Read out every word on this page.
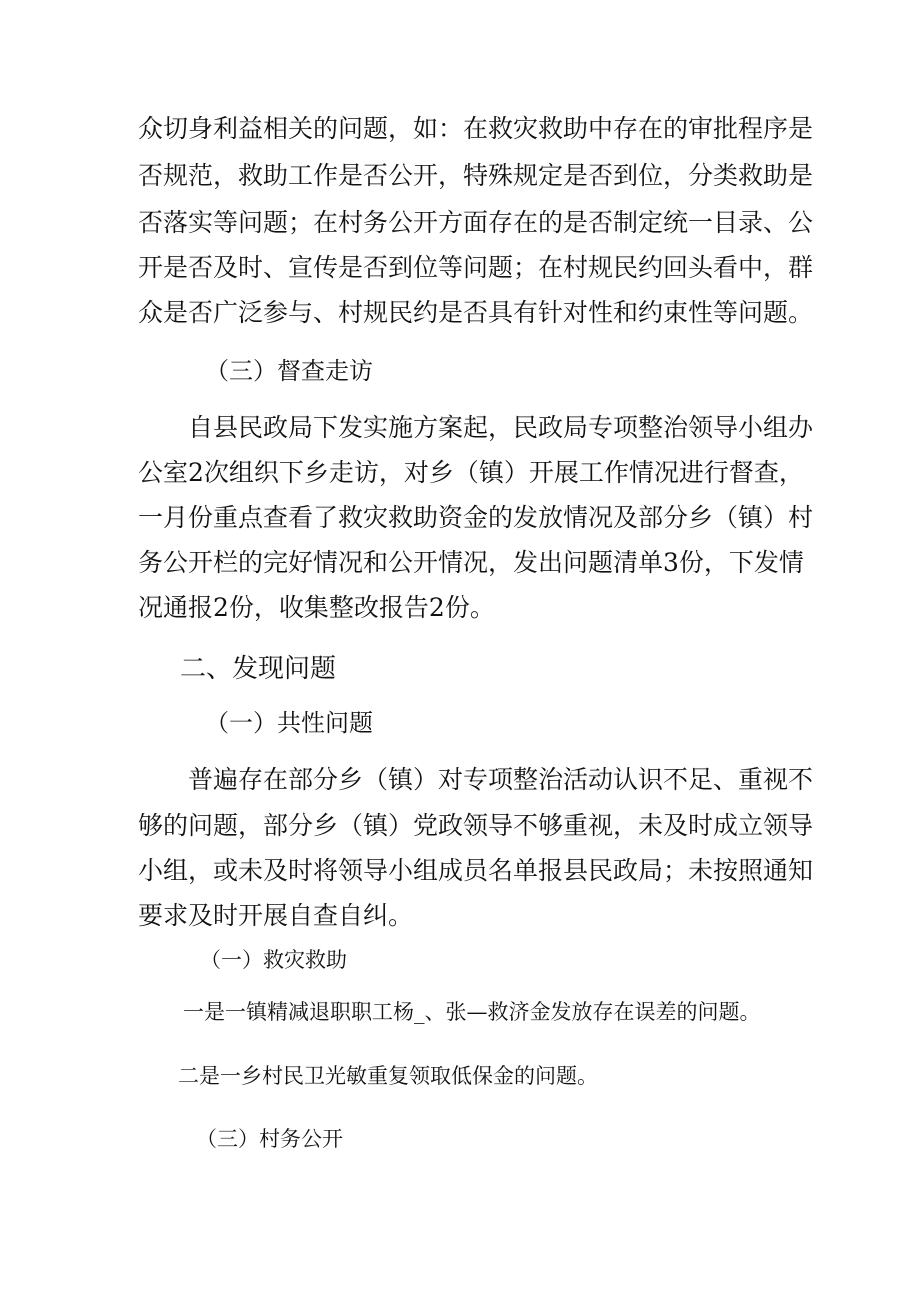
众切身利益相关的问题，如：在救灾救助中存在的审批程序是
否规范，救助工作是否公开，特殊规定是否到位，分类救助是
否落实等问题；在村务公开方面存在的是否制定统一目录、公
开是否及时、宣传是否到位等问题；在村规民约回头看中，群
众是否广泛参与、村规民约是否具有针对性和约束性等问题。
（三）督查走访
自县民政局下发实施方案起，民政局专项整治领导小组办
公室2次组织下乡走访，对乡（镇）开展工作情况进行督查，
一月份重点查看了救灾救助资金的发放情况及部分乡（镇）村
务公开栏的完好情况和公开情况，发出问题清单3份，下发情
况通报2份，收集整改报告2份。
二、发现问题
（一）共性问题
普遍存在部分乡（镇）对专项整治活动认识不足、重视不
够的问题，部分乡（镇）党政领导不够重视，未及时成立领导
小组，或未及时将领导小组成员名单报县民政局；未按照通知
要求及时开展自查自纠。
（一）救灾救助
一是一镇精减退职职工杨_、张—救济金发放存在误差的问题。
二是一乡村民卫光敏重复领取低保金的问题。
（三）村务公开
